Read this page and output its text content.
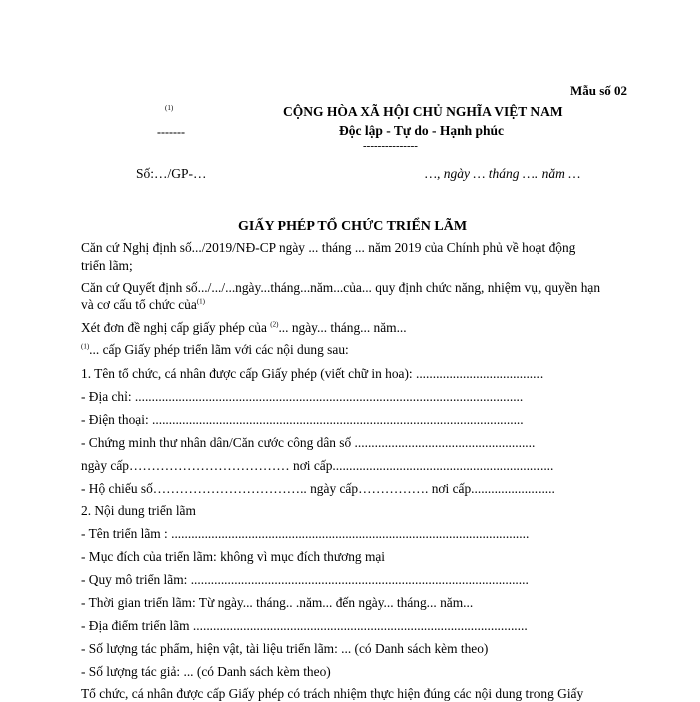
Mẫu số 02
(1)
-------
CỘNG HÒA XÃ HỘI CHỦ NGHĨA VIỆT NAM
Độc lập - Tự do - Hạnh phúc
---------------
Số:…/GP-…	…, ngày … tháng …. năm …
GIẤY PHÉP TỔ CHỨC TRIỂN LÃM
Căn cứ Nghị định số.../2019/NĐ-CP ngày ... tháng ... năm 2019 của Chính phủ về hoạt động
triển lãm;
Căn cứ Quyết định số.../.../...ngày...tháng...năm...của... quy định chức năng, nhiệm vụ, quyền hạn
và cơ cấu tổ chức của$^{(1)}$
Xét đơn đề nghị cấp giấy phép của $^{(2)}$... ngày... tháng... năm...
$^{(1)}$... cấp Giấy phép triển lãm với các nội dung sau:
1. Tên tổ chức, cá nhân được cấp Giấy phép (viết chữ in hoa): ......................................
- Địa chỉ: ....................................................................................................................
- Điện thoại: ...............................................................................................................
- Chứng minh thư nhân dân/Căn cước công dân số ......................................................
ngày cấp……………………………… nơi cấp..................................................................
- Hộ chiếu số…………………………….. ngày cấp……………. nơi cấp.........................
2. Nội dung triển lãm
- Tên triển lãm : ...........................................................................................................
- Mục đích của triển lãm: không vì mục đích thương mại
- Quy mô triển lãm: .....................................................................................................
- Thời gian triển lãm: Từ ngày... tháng.. .năm... đến ngày... tháng... năm...
- Địa điểm triển lãm ....................................................................................................
- Số lượng tác phẩm, hiện vật, tài liệu triển lãm: ... (có Danh sách kèm theo)
- Số lượng tác giả: ... (có Danh sách kèm theo)
Tổ chức, cá nhân được cấp Giấy phép có trách nhiệm thực hiện đúng các nội dung trong Giấy
